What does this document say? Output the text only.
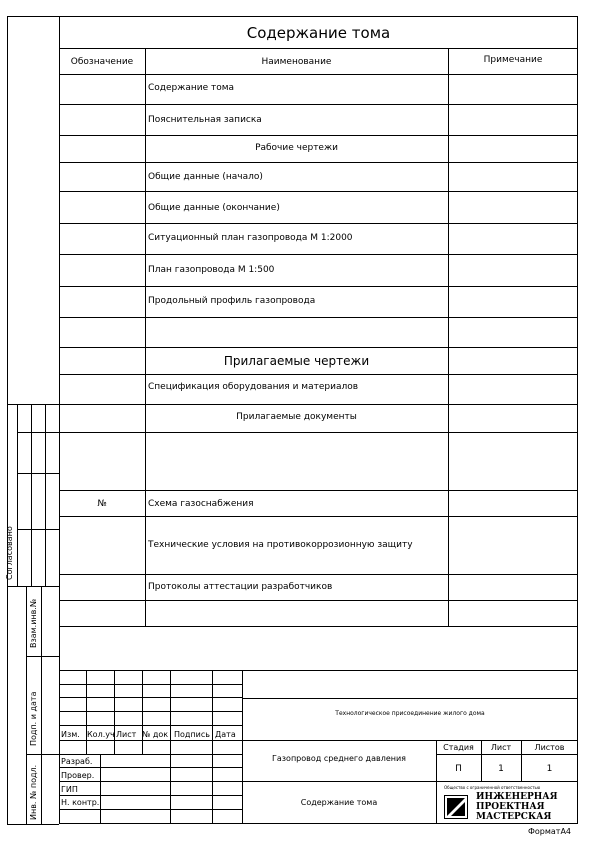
Согласовано
Взам.инв.№
Подп. и дата
Инв. № подл.
Содержание тома
Обозначение	Наименование	Примечание
Содержание тома
Пояснительная записка
Рабочие чертежи
Общие данные (начало)
Общие данные (окончание)
Ситуационный план газопровода М 1:2000
План газопровода М 1:500
Продольный профиль газопровода
Прилагаемые чертежи
Спецификация оборудования и материалов
Прилагаемые документы
№	Схема газоснабжения
Технические условия на противокоррозионную защиту
Протоколы аттестации разработчиков
Технологическое присоединение жилого дома
Изм. Кол.уч Лист № док Подпись Дата
Разраб.
Провер.
ГИП
Н. контр.
Газопровод среднего давления
Содержание тома
Стадия	Лист	Листов
П	1	1
Общество с ограниченной ответственностью
ИНЖЕНЕРНАЯ
ПРОЕКТНАЯ
МАСТЕРСКАЯ
ФорматА4
